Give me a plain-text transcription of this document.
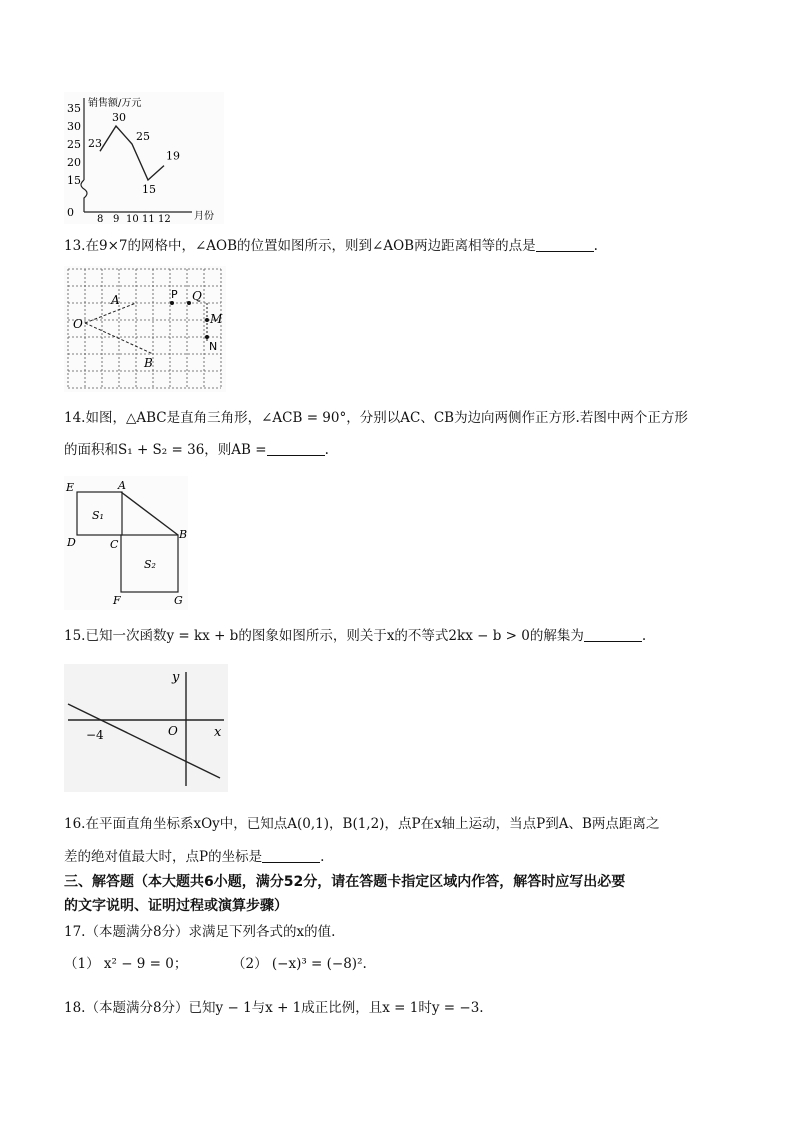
销售额/万元
35
30
25
20
15
0
8 9 10 11 12
23
30
25
15
19
月份
13.在9×7的网格中，∠AOB的位置如图所示，则到∠AOB两边距离相等的点是	.
A
O
B
P Q
M
N
14.如图，△ABC是直角三角形，∠ACB = 90°，分别以AC、CB为边向两侧作正方形.若图中两个正方形
的面积和S₁ + S₂ = 36，则AB =	.
E	A
S₁
D	C
B
S₂
F	G
15.已知一次函数y = kx + b的图象如图所示，则关于x的不等式2kx − b > 0的解集为	.
y
x
O
−4
16.在平面直角坐标系xOy中，已知点A(0,1)，B(1,2)，点P在x轴上运动，当点P到A、B两点距离之
差的绝对值最大时，点P的坐标是	.
三、解答题（本大题共6小题，满分52分，请在答题卡指定区域内作答，解答时应写出必要
的文字说明、证明过程或演算步骤）
17.（本题满分8分）求满足下列各式的x的值.
（1） x² − 9 = 0；	（2） (−x)³ = (−8)².
18.（本题满分8分）已知y − 1与x + 1成正比例，且x = 1时y = −3.
